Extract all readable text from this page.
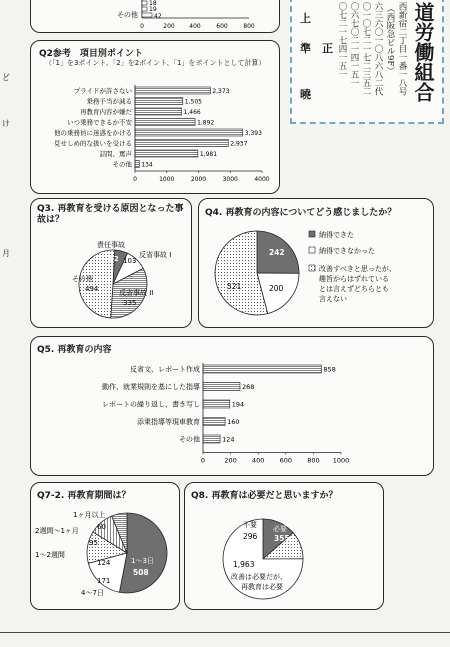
ど
け
月
18
19
42
その他
0	200 400	600	800	道労働組合
西新宿二丁目一番一八号
（西阪急ビル9F）
六三六〇一〇八六八二代
〇一〇七二一七二三五二
〇六七〇二一四一五一
〇七二一七四一五一
上
準 正
曉
Q2参考　項目別ポイント
（「1」を3ポイント、「2」を2ポイント、「1」をポイントとして計算）
プライドが許さない	2,373
乗務手当が減る	1,505
再教育内容が嫌だ	1,466
いつ乗務できるか不安	1,892
他の乗務員に迷惑をかける	3,393
見せしめ的な扱いを受ける	2,937
詰問、罵声	1,981
その他 134
0	1000	2000	3000	4000
Q3. 再教育を受ける原因となった事故は？
責任事故
反省事故 I
反省事故 II
その他
62 103
335
494
Q4. 再教育の内容についてどう感じましたか？
242
200
521
納得できた
納得できなかった
改善すべきと思ったが、
趣旨からはずれている
とは言えずどちらとも
言えない
Q5. 再教育の内容
反省文、レポート作成	858
動作、就業規則を基にした指導	268
レポートの繰り返し、書き写し	194
添乗指導等現車教育	160
その他	124
0	200 400 600 800 1000
Q7-2. 再教育期間は？
1～3日
508
171
4～7日
124
1～2週間
95
2週間～1ヶ月	60
1ヶ月以上
Q8. 再教育は必要だと思いますか？
必要
355
不要
296
1,963
改善は必要だが、
再教育は必要
